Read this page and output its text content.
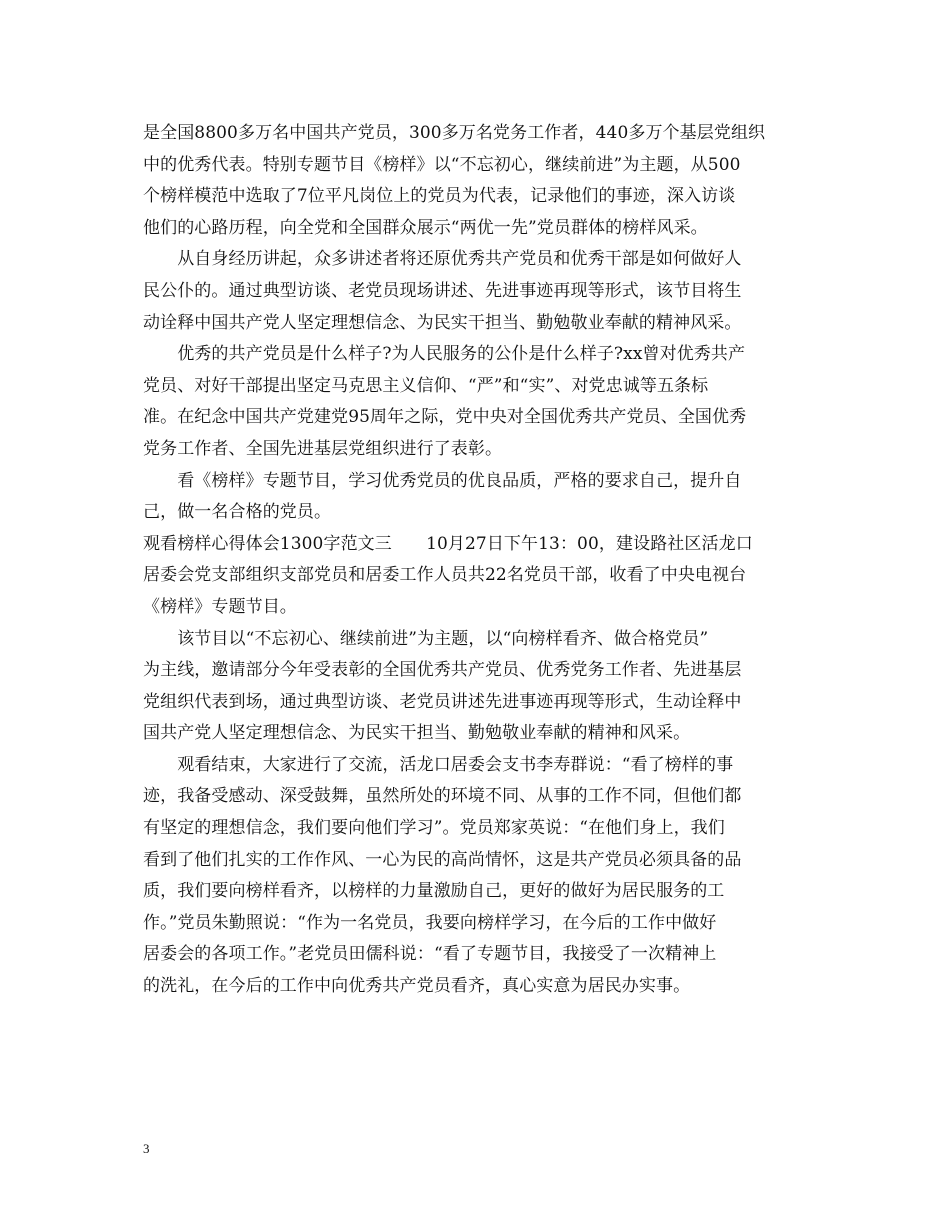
是全国8800多万名中国共产党员，300多万名党务工作者，440多万个基层党组织
中的优秀代表。特别专题节目《榜样》以“不忘初心，继续前进”为主题，从500
个榜样模范中选取了7位平凡岗位上的党员为代表，记录他们的事迹，深入访谈
他们的心路历程，向全党和全国群众展示“两优一先”党员群体的榜样风采。
　　从自身经历讲起，众多讲述者将还原优秀共产党员和优秀干部是如何做好人
民公仆的。通过典型访谈、老党员现场讲述、先进事迹再现等形式，该节目将生
动诠释中国共产党人坚定理想信念、为民实干担当、勤勉敬业奉献的精神风采。
　　优秀的共产党员是什么样子?为人民服务的公仆是什么样子?xx曾对优秀共产
党员、对好干部提出坚定马克思主义信仰、“严”和“实”、对党忠诚等五条标
准。在纪念中国共产党建党95周年之际，党中央对全国优秀共产党员、全国优秀
党务工作者、全国先进基层党组织进行了表彰。
　　看《榜样》专题节目，学习优秀党员的优良品质，严格的要求自己，提升自
己，做一名合格的党员。
观看榜样心得体会1300字范文三　　10月27日下午13：00，建设路社区活龙口
居委会党支部组织支部党员和居委工作人员共22名党员干部，收看了中央电视台
《榜样》专题节目。
　　该节目以“不忘初心、继续前进”为主题，以“向榜样看齐、做合格党员”
为主线，邀请部分今年受表彰的全国优秀共产党员、优秀党务工作者、先进基层
党组织代表到场，通过典型访谈、老党员讲述先进事迹再现等形式，生动诠释中
国共产党人坚定理想信念、为民实干担当、勤勉敬业奉献的精神和风采。
　　观看结束，大家进行了交流，活龙口居委会支书李寿群说：“看了榜样的事
迹，我备受感动、深受鼓舞，虽然所处的环境不同、从事的工作不同，但他们都
有坚定的理想信念，我们要向他们学习”。党员郑家英说：“在他们身上，我们
看到了他们扎实的工作作风、一心为民的高尚情怀，这是共产党员必须具备的品
质，我们要向榜样看齐，以榜样的力量激励自己，更好的做好为居民服务的工
作。”党员朱勤照说：“作为一名党员，我要向榜样学习，在今后的工作中做好
居委会的各项工作。”老党员田儒科说：“看了专题节目，我接受了一次精神上
的洗礼，在今后的工作中向优秀共产党员看齐，真心实意为居民办实事。
3
